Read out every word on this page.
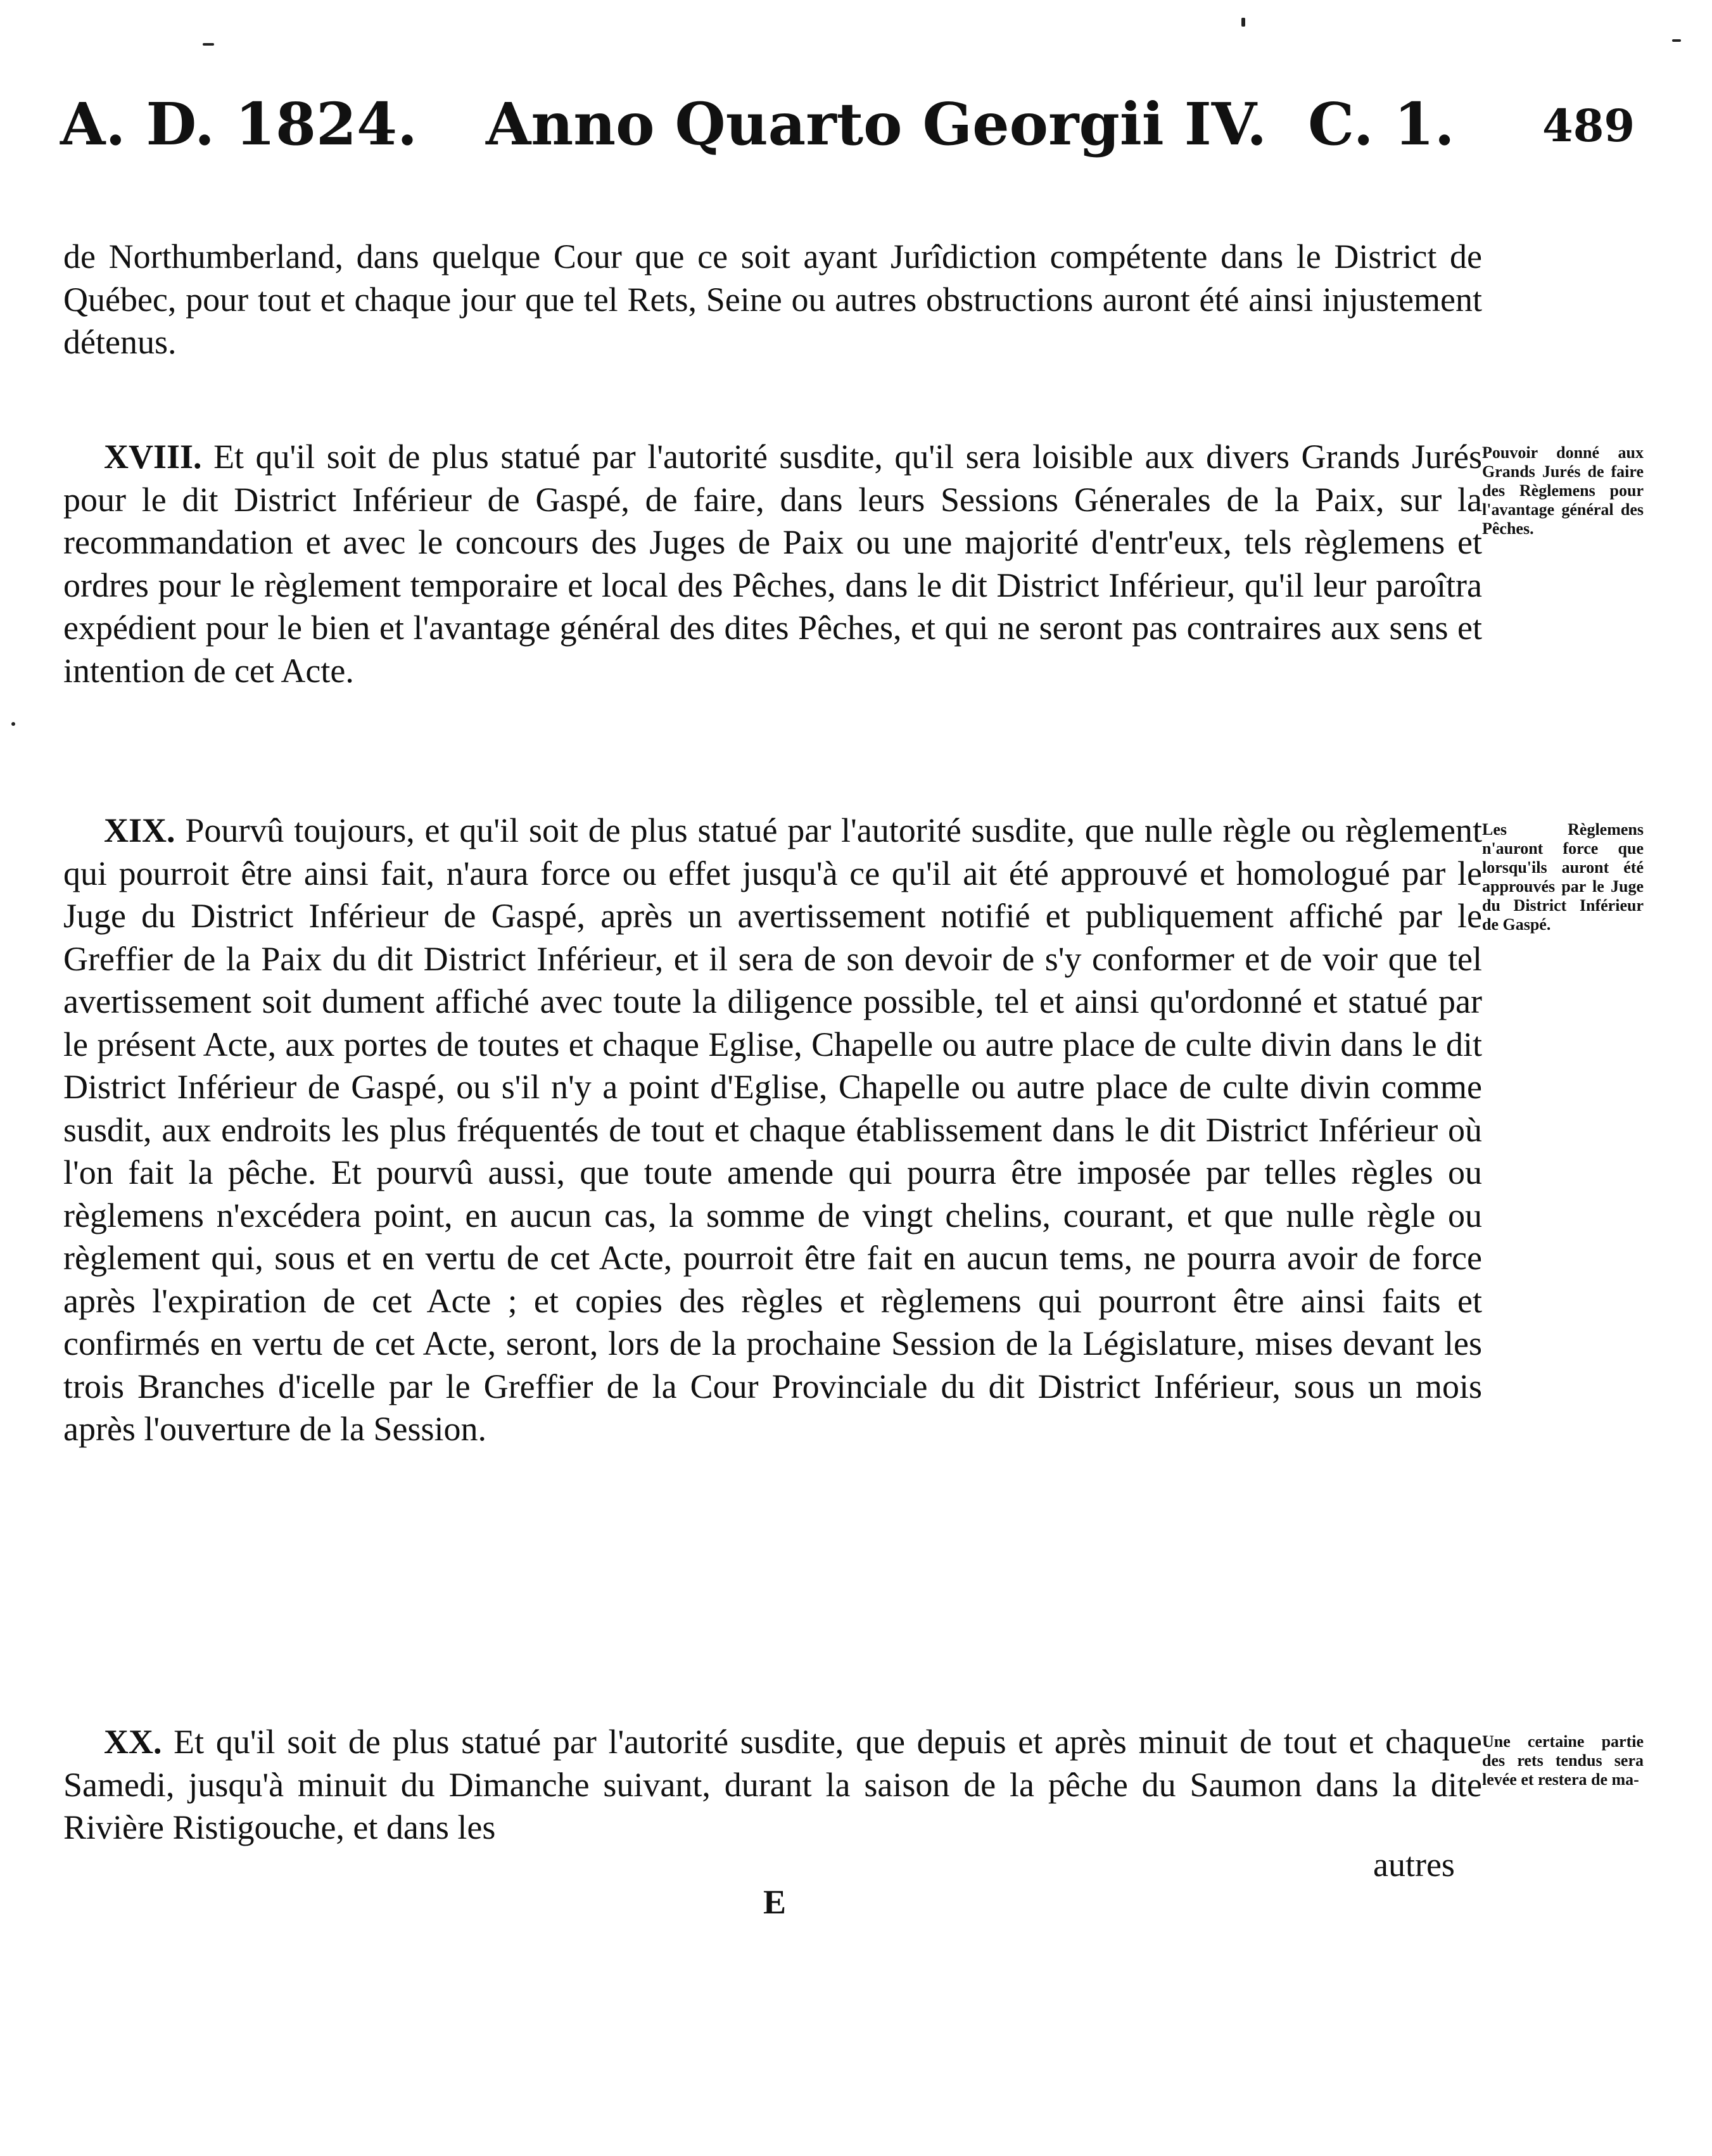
A. D. 1824. Anno Quarto Georgii IV. C. 1. 489
de Northumberland, dans quelque Cour que ce soit ayant Jurîdiction compétente dans le District de Québec, pour tout et chaque jour que tel Rets, Seine ou autres obstructions auront été ainsi injustement détenus.
XVIII. Et qu'il soit de plus statué par l'autorité susdite, qu'il sera loisible aux divers Grands Jurés pour le dit District Inférieur de Gaspé, de faire, dans leurs Sessions Génerales de la Paix, sur la recommandation et avec le concours des Juges de Paix ou une majorité d'entr'eux, tels règlemens et ordres pour le règlement temporaire et local des Pêches, dans le dit District Inférieur, qu'il leur paroîtra expédient pour le bien et l'avantage général des dites Pêches, et qui ne seront pas contraires aux sens et intention de cet Acte.
Pouvoir donné aux Grands Jurés de faire des Règlemens pour l'avantage général des Pêches.
XIX. Pourvû toujours, et qu'il soit de plus statué par l'autorité susdite, que nulle règle ou règlement qui pourroit être ainsi fait, n'aura force ou effet jusqu'à ce qu'il ait été approuvé et homologué par le Juge du District Inférieur de Gaspé, après un avertissement notifié et publiquement affiché par le Greffier de la Paix du dit District Inférieur, et il sera de son devoir de s'y conformer et de voir que tel avertissement soit dument affiché avec toute la diligence possible, tel et ainsi qu'ordonné et statué par le présent Acte, aux portes de toutes et chaque Eglise, Chapelle ou autre place de culte divin dans le dit District Inférieur de Gaspé, ou s'il n'y a point d'Eglise, Chapelle ou autre place de culte divin comme susdit, aux endroits les plus fréquentés de tout et chaque établissement dans le dit District Inférieur où l'on fait la pêche. Et pourvû aussi, que toute amende qui pourra être imposée par telles règles ou règlemens n'excédera point, en aucun cas, la somme de vingt chelins, courant, et que nulle règle ou règlement qui, sous et en vertu de cet Acte, pourroit être fait en aucun tems, ne pourra avoir de force après l'expiration de cet Acte ; et copies des règles et règlemens qui pourront être ainsi faits et confirmés en vertu de cet Acte, seront, lors de la prochaine Session de la Législature, mises devant les trois Branches d'icelle par le Greffier de la Cour Provinciale du dit District Inférieur, sous un mois après l'ouverture de la Session.
Les Règlemens n'auront force que lorsqu'ils auront été approuvés par le Juge du District Inférieur de Gaspé.
XX. Et qu'il soit de plus statué par l'autorité susdite, que depuis et après minuit de tout et chaque Samedi, jusqu'à minuit du Dimanche suivant, durant la saison de la pêche du Saumon dans la dite Rivière Ristigouche, et dans les
Une certaine partie des rets tendus sera levée et restera de ma-
autres
E
